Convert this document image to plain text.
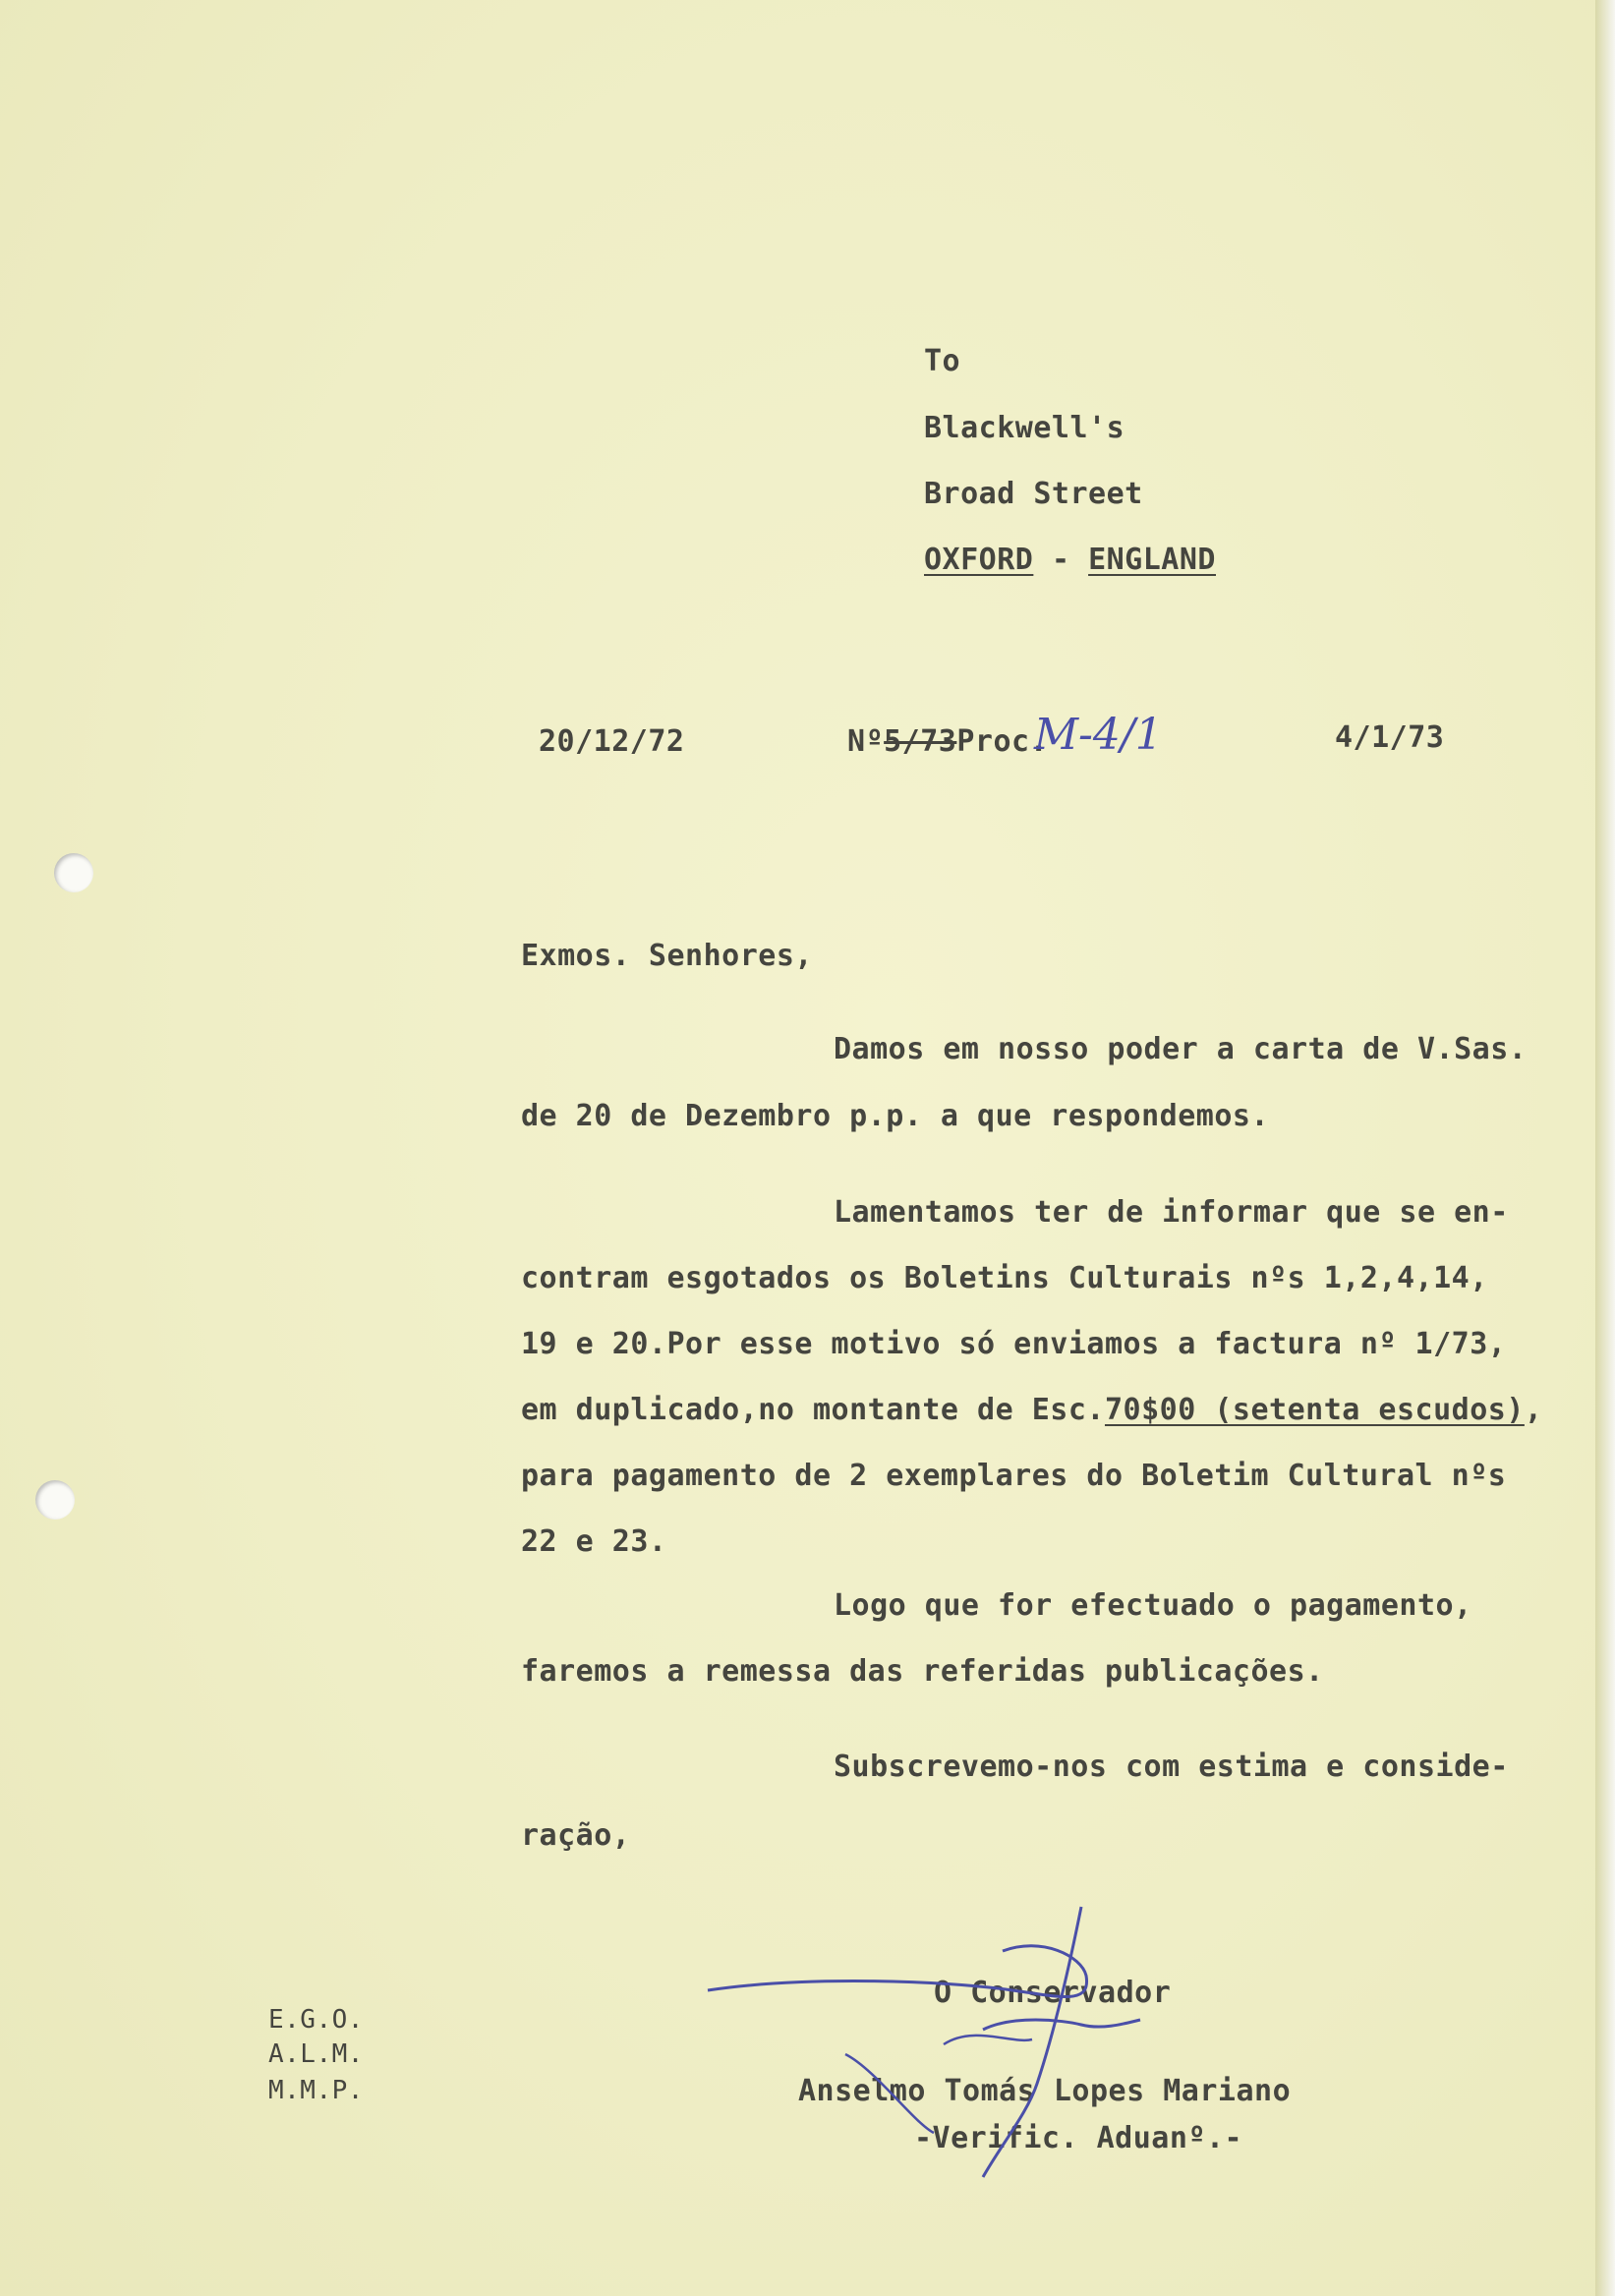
To
Blackwell's
Broad Street
OXFORD - ENGLAND
20/12/72	Nº5/73Proc.
M-4/1	4/1/73
Exmos. Senhores,
Damos em nosso poder a carta de V.Sas.
de 20 de Dezembro p.p. a que respondemos.
Lamentamos ter de informar que se en-
contram esgotados os Boletins Culturais nºs 1,2,4,14,
19 e 20.Por esse motivo só enviamos a factura nº 1/73,
em duplicado,no montante de Esc.70$00 (setenta escudos),
para pagamento de 2 exemplares do Boletim Cultural nºs
22 e 23.
Logo que for efectuado o pagamento,
faremos a remessa das referidas publicações.
Subscrevemo-nos com estima e conside-
ração,
O Conservador
Anselmo Tomás Lopes Mariano
-Verific. Aduanº.-
E.G.O.
A.L.M.
M.M.P.
